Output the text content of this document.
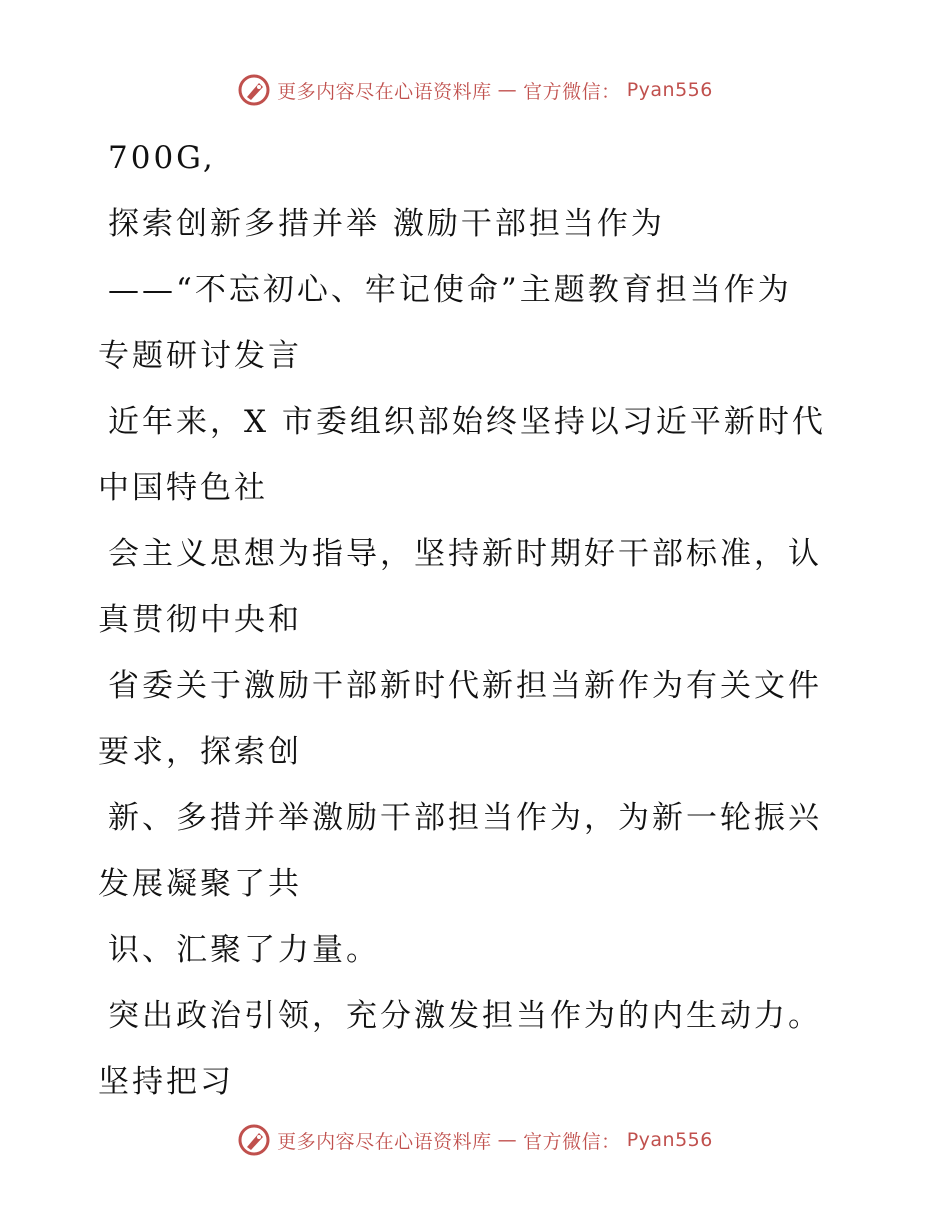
更多内容尽在心语资料库 — 官方微信： Pyan556

700G,

探索创新多措并举 激励干部担当作为

——“不忘初心、牢记使命”主题教育担当作为

专题研讨发言

近年来，X 市委组织部始终坚持以习近平新时代

中国特色社

会主义思想为指导，坚持新时期好干部标准，认

真贯彻中央和

省委关于激励干部新时代新担当新作为有关文件

要求，探索创

新、多措并举激励干部担当作为，为新一轮振兴

发展凝聚了共

识、汇聚了力量。

突出政治引领，充分激发担当作为的内生动力。

坚持把习

更多内容尽在心语资料库 — 官方微信： Pyan556
